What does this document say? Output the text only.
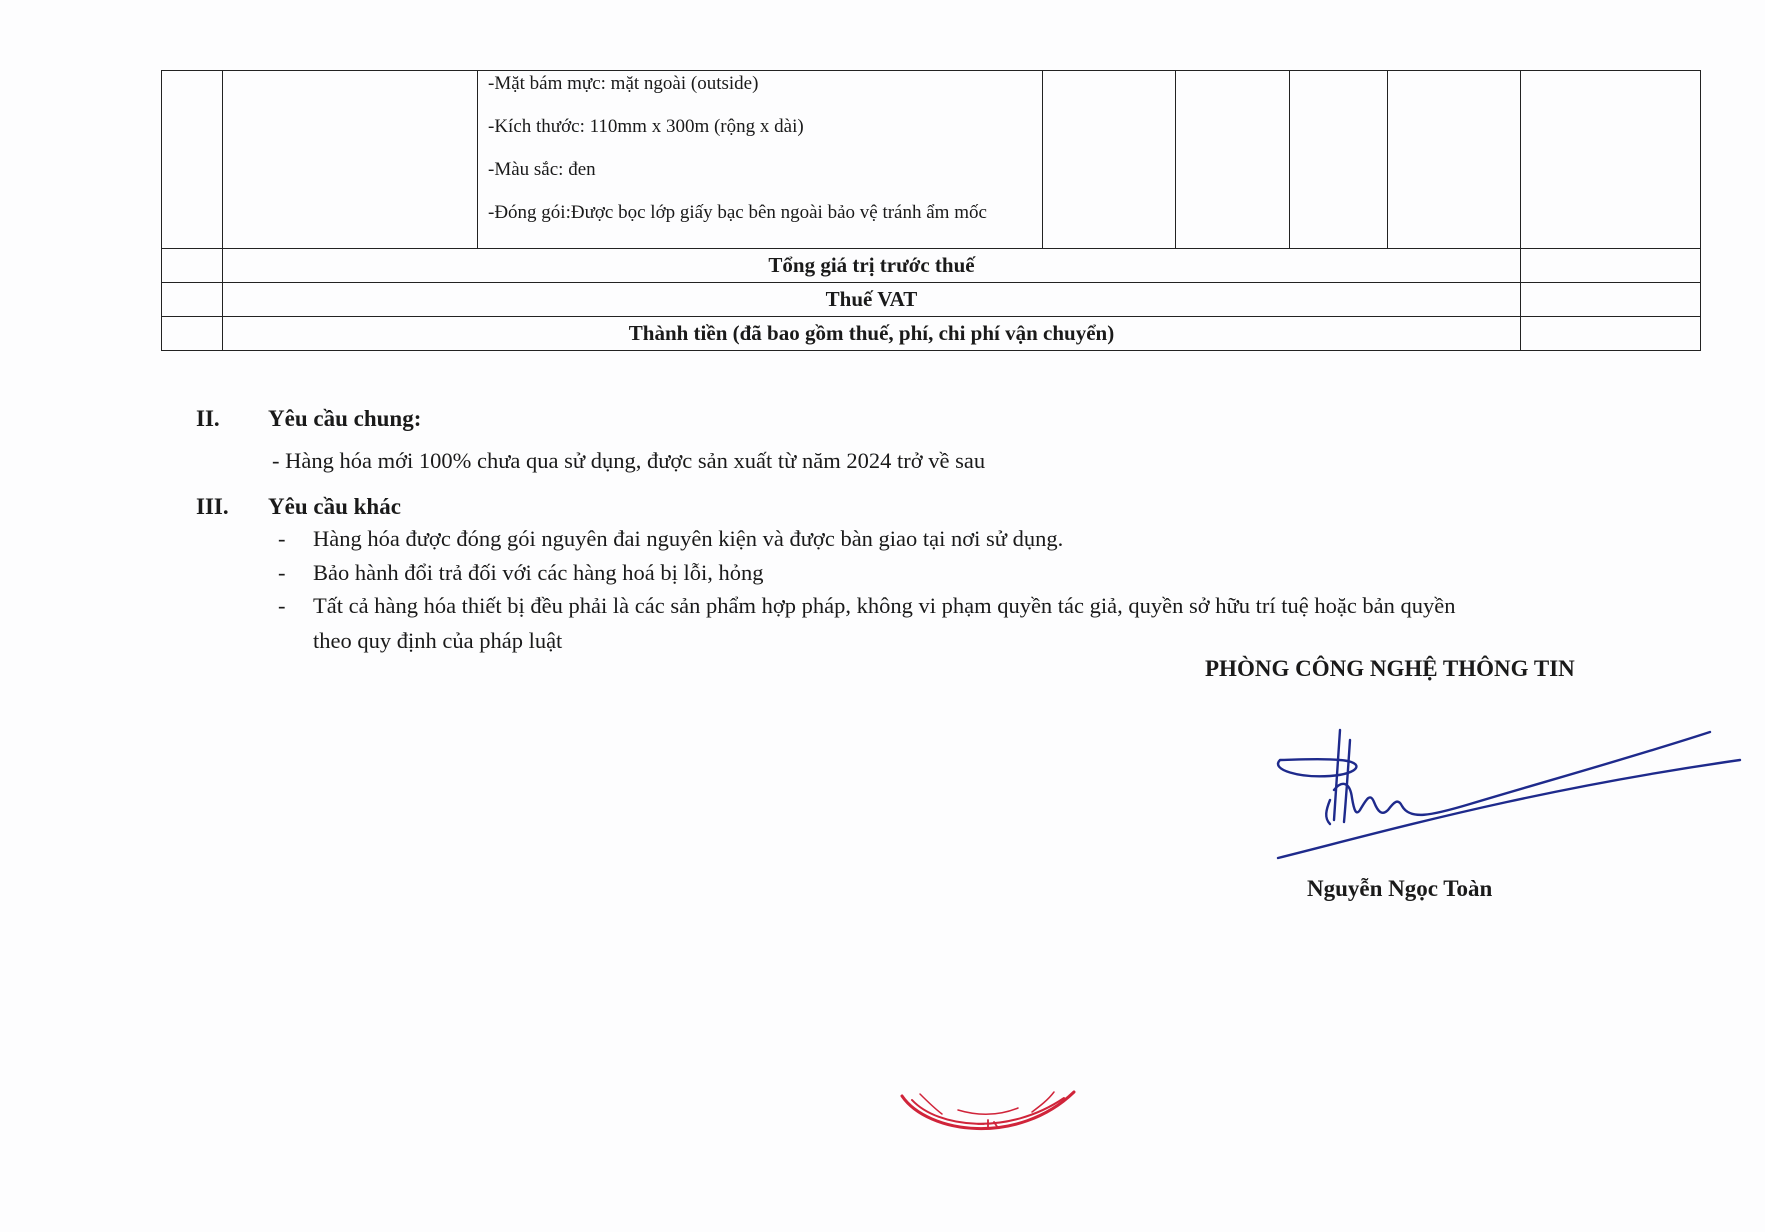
		-Mặt bám mực: mặt ngoài (outside)

-Kích thước: 110mm x 300m (rộng x dài)

-Màu sắc: đen

-Đóng gói:Được bọc lớp giấy bạc bên ngoài bảo vệ tránh ẩm mốc					

	Tổng giá trị trước thuế						
	Thuế VAT						
	Thành tiền (đã bao gồm thuế, phí, chi phí vận chuyển)						
II. Yêu cầu chung:
- Hàng hóa mới 100% chưa qua sử dụng, được sản xuất từ năm 2024 trở về sau
III. Yêu cầu khác
- Hàng hóa được đóng gói nguyên đai nguyên kiện và được bàn giao tại nơi sử dụng.
- Bảo hành đổi trả đối với các hàng hoá bị lỗi, hỏng
- Tất cả hàng hóa thiết bị đều phải là các sản phẩm hợp pháp, không vi phạm quyền tác giả, quyền sở hữu trí tuệ hoặc bản quyền
theo quy định của pháp luật
PHÒNG CÔNG NGHỆ THÔNG TIN
Nguyễn Ngọc Toàn
